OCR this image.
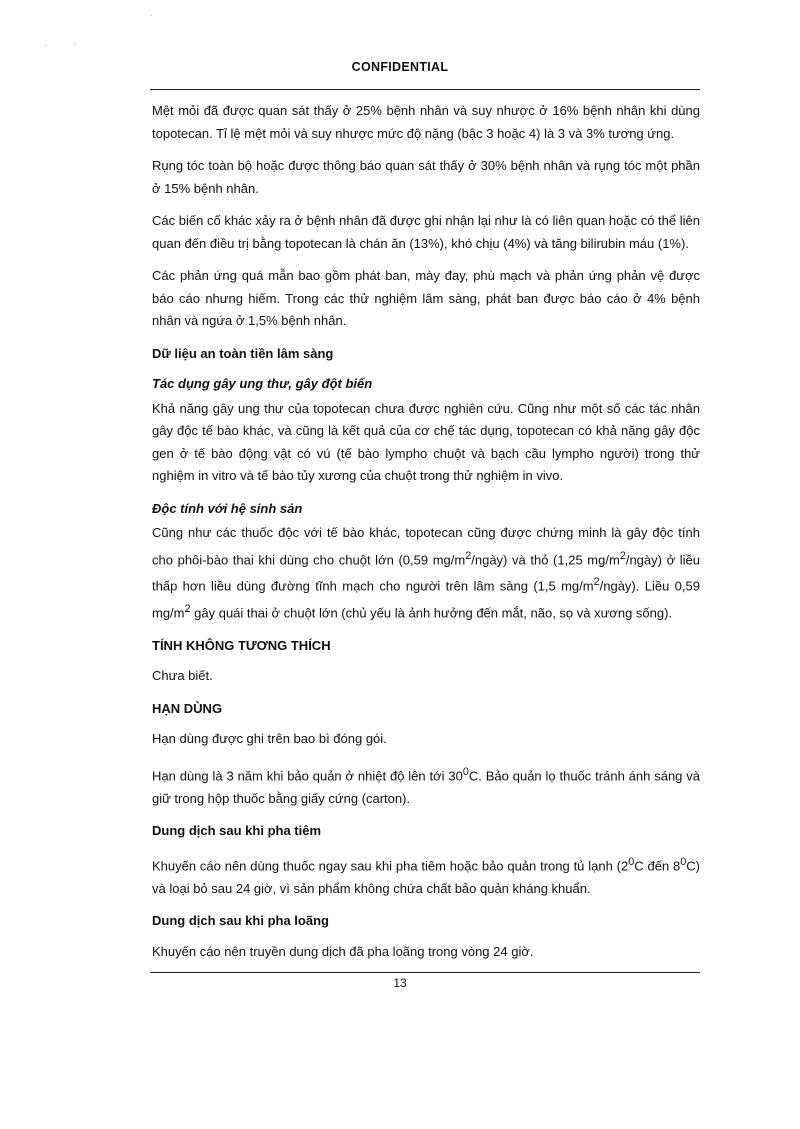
․
․	’
CONFIDENTIAL

Mệt mỏi đã được quan sát thấy ở 25% bệnh nhân và suy nhược ở 16% bệnh nhân khi dùng topotecan. Tỉ lệ mệt mỏi và suy nhược mức độ nặng (bậc 3 hoặc 4) là 3 và 3% tương ứng.

Rụng tóc toàn bộ hoặc được thông báo quan sát thấy ở 30% bệnh nhân và rụng tóc một phần ở 15% bệnh nhân.

Các biến cố khác xảy ra ở bệnh nhân đã được ghi nhận lại như là có liên quan hoặc có thể liên quan đến điều trị bằng topotecan là chán ăn (13%), khó chịu (4%) và tăng bilirubin máu (1%).

Các phản ứng quá mẫn bao gồm phát ban, mày đay, phù mạch và phản ứng phản vệ được báo cáo nhưng hiếm. Trong các thử nghiệm lâm sàng, phát ban được báo cáo ở 4% bệnh nhân và ngứa ở 1,5% bệnh nhân.

Dữ liệu an toàn tiền lâm sàng

Tác dụng gây ung thư, gây đột biến

Khả năng gây ung thư của topotecan chưa được nghiên cứu. Cũng như một số các tác nhân gây độc tế bào khác, và cũng là kết quả của cơ chế tác dụng, topotecan có khả năng gây độc gen ở tế bào động vật có vú (tế bào lympho chuột và bạch cầu lympho người) trong thử nghiệm in vitro và tế bào tủy xương của chuột trong thử nghiệm in vivo.

Độc tính với hệ sinh sản

Cũng như các thuốc độc với tế bào khác, topotecan cũng được chứng minh là gây độc tính cho phôi-bào thai khi dùng cho chuột lớn (0,59 $mg/m^2/ngày$) và thỏ (1,25 $mg/m^2/ngày$) ở liều thấp hơn liều dùng đường tĩnh mạch cho người trên lâm sàng (1,5 $mg/m^2/ngày$). Liều 0,59 $mg/m^2$ gây quái thai ở chuột lớn (chủ yếu là ảnh hưởng đến mắt, não, sọ và xương sống).

TÍNH KHÔNG TƯƠNG THÍCH

Chưa biết.

HẠN DÙNG

Hạn dùng được ghi trên bao bì đóng gói.

Hạn dùng là 3 năm khi bảo quản ở nhiệt độ lên tới $30^0C$. Bảo quản lọ thuốc tránh ánh sáng và giữ trong hộp thuốc bằng giấy cứng (carton).

Dung dịch sau khi pha tiêm

Khuyến cáo nên dùng thuốc ngay sau khi pha tiêm hoặc bảo quản trong tủ lạnh ($2^0C$ đến $8^0C$) và loại bỏ sau 24 giờ, vì sản phẩm không chứa chất bảo quản kháng khuẩn.

Dung dịch sau khi pha loãng

Khuyến cáo nên truyền dung dịch đã pha loãng trong vòng 24 giờ.

13
